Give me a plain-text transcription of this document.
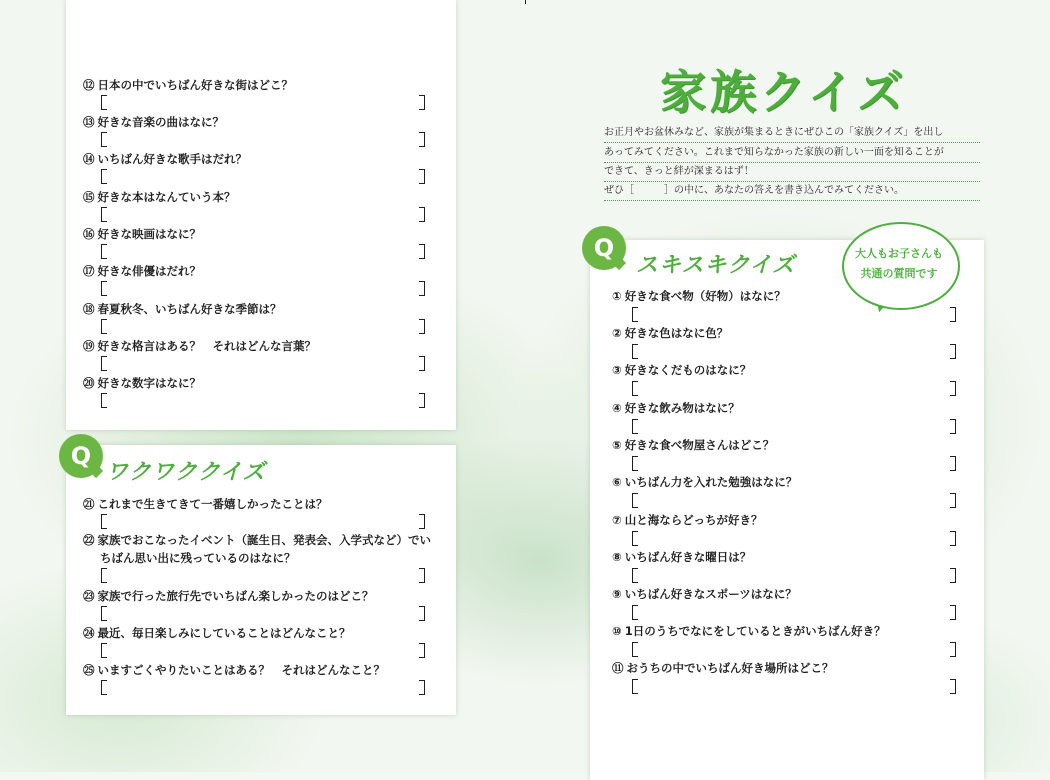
Q
ワクワククイズ
Q
スキスキクイズ
家族クイズ
お正月やお盆休みなど、家族が集まるときにぜひこの「家族クイズ」を出し
あってみてください。これまで知らなかった家族の新しい一面を知ることが
できて、きっと絆が深まるはず！
ぜひ［　　　］の中に、あなたの答えを書き込んでみてください。
大人もお子さんも
共通の質問です
⑫ 日本の中でいちばん好きな街はどこ？
⑬ 好きな音楽の曲はなに？
⑭ いちばん好きな歌手はだれ？
⑮ 好きな本はなんていう本？
⑯ 好きな映画はなに？
⑰ 好きな俳優はだれ？
⑱ 春夏秋冬、いちばん好きな季節は？
⑲ 好きな格言はある？　それはどんな言葉？
⑳ 好きな数字はなに？
㉑ これまで生きてきて一番嬉しかったことは？
㉒ 家族でおこなったイベント（誕生日、発表会、入学式など）でい
ちばん思い出に残っているのはなに？
㉓ 家族で行った旅行先でいちばん楽しかったのはどこ？
㉔ 最近、毎日楽しみにしていることはどんなこと？
㉕ いますごくやりたいことはある？　それはどんなこと？
① 好きな食べ物（好物）はなに？
② 好きな色はなに色？
③ 好きなくだものはなに？
④ 好きな飲み物はなに？
⑤ 好きな食べ物屋さんはどこ？
⑥ いちばん力を入れた勉強はなに？
⑦ 山と海ならどっちが好き？
⑧ いちばん好きな曜日は？
⑨ いちばん好きなスポーツはなに？
⑩ 1日のうちでなにをしているときがいちばん好き？
⑪ おうちの中でいちばん好き場所はどこ？
